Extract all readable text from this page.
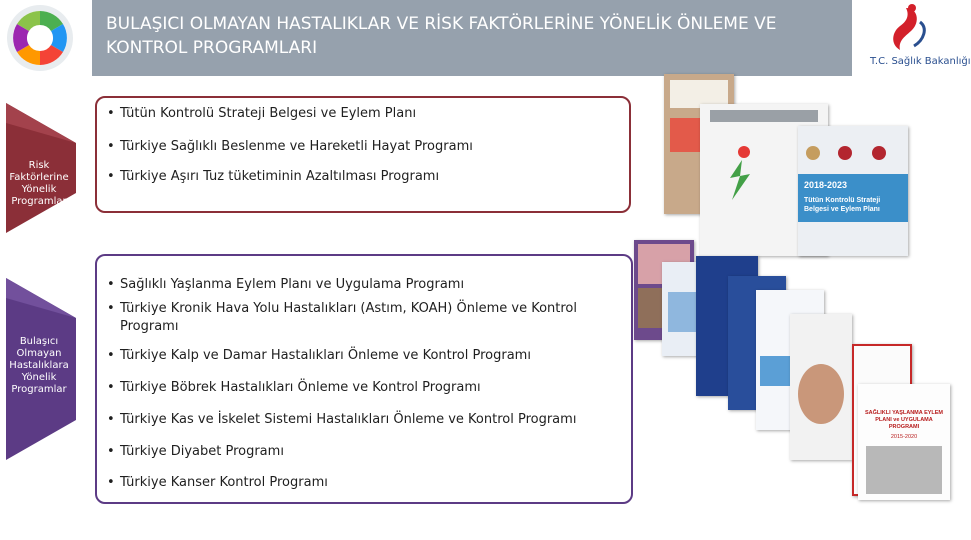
BULAŞICI OLMAYAN HASTALIKLAR VE RİSK FAKTÖRLERİNE YÖNELİK ÖNLEME VE KONTROL PROGRAMLARI
T.C. Sağlık Bakanlığı
Risk Faktörlerine Yönelik Programlar
Bulaşıcı Olmayan Hastalıklara Yönelik Programlar
• Tütün Kontrolü Strateji Belgesi ve Eylem Planı
• Türkiye Sağlıklı Beslenme ve Hareketli Hayat Programı
• Türkiye Aşırı Tuz tüketiminin Azaltılması Programı
• Sağlıklı Yaşlanma Eylem Planı ve Uygulama Programı
• Türkiye Kronik Hava Yolu Hastalıkları (Astım, KOAH) Önleme ve Kontrol Programı
• Türkiye Kalp ve Damar Hastalıkları Önleme ve Kontrol Programı
• Türkiye Böbrek Hastalıkları Önleme ve Kontrol Programı
• Türkiye Kas ve İskelet Sistemi Hastalıkları Önleme ve Kontrol Programı
• Türkiye Diyabet Programı
• Türkiye Kanser Kontrol Programı
2018-2023
Tütün Kontrolü Strateji Belgesi ve Eylem Planı
SAĞLIKLI YAŞLANMA EYLEM PLANI ve UYGULAMA PROGRAMI
2015-2020
